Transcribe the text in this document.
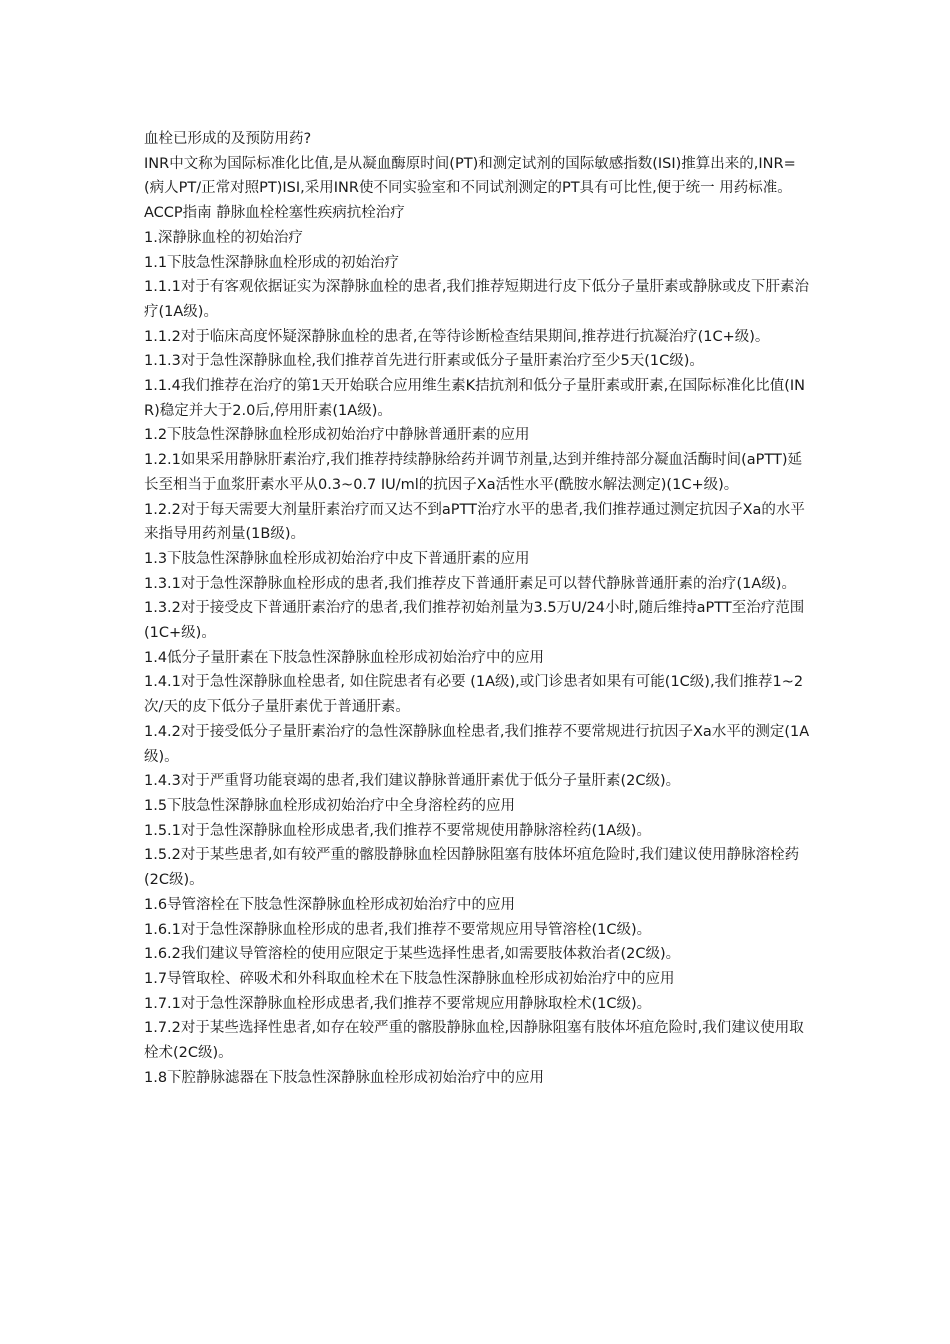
血栓已形成的及预防用药?

INR中文称为国际标准化比值,是从凝血酶原时间(PT)和测定试剂的国际敏感指数(ISI)推算出来的,INR=(病人PT/正常对照PT)ISI,采用INR使不同实验室和不同试剂测定的PT具有可比性,便于统一 用药标准。

ACCP指南 静脉血栓栓塞性疾病抗栓治疗

1.深静脉血栓的初始治疗

1.1下肢急性深静脉血栓形成的初始治疗

1.1.1对于有客观依据证实为深静脉血栓的患者,我们推荐短期进行皮下低分子量肝素或静脉或皮下肝素治疗(1A级)。

1.1.2对于临床高度怀疑深静脉血栓的患者,在等待诊断检查结果期间,推荐进行抗凝治疗(1C+级)。

1.1.3对于急性深静脉血栓,我们推荐首先进行肝素或低分子量肝素治疗至少5天(1C级)。

1.1.4我们推荐在治疗的第1天开始联合应用维生素K拮抗剂和低分子量肝素或肝素,在国际标准化比值(INR)稳定并大于2.0后,停用肝素(1A级)。

1.2下肢急性深静脉血栓形成初始治疗中静脉普通肝素的应用

1.2.1如果采用静脉肝素治疗,我们推荐持续静脉给药并调节剂量,达到并维持部分凝血活酶时间(aPTT)延长至相当于血浆肝素水平从0.3~0.7 IU/ml的抗因子Ⅹa活性水平(酰胺水解法测定)(1C+级)。

1.2.2对于每天需要大剂量肝素治疗而又达不到aPTT治疗水平的患者,我们推荐通过测定抗因子Ⅹa的水平来指导用药剂量(1B级)。

1.3下肢急性深静脉血栓形成初始治疗中皮下普通肝素的应用

1.3.1对于急性深静脉血栓形成的患者,我们推荐皮下普通肝素足可以替代静脉普通肝素的治疗(1A级)。

1.3.2对于接受皮下普通肝素治疗的患者,我们推荐初始剂量为3.5万U/24小时,随后维持aPTT至治疗范围(1C+级)。

1.4低分子量肝素在下肢急性深静脉血栓形成初始治疗中的应用

1.4.1对于急性深静脉血栓患者, 如住院患者有必要 (1A级),或门诊患者如果有可能(1C级),我们推荐1~2次/天的皮下低分子量肝素优于普通肝素。

1.4.2对于接受低分子量肝素治疗的急性深静脉血栓患者,我们推荐不要常规进行抗因子Ⅹa水平的测定(1A级)。

1.4.3对于严重肾功能衰竭的患者,我们建议静脉普通肝素优于低分子量肝素(2C级)。

1.5下肢急性深静脉血栓形成初始治疗中全身溶栓药的应用

1.5.1对于急性深静脉血栓形成患者,我们推荐不要常规使用静脉溶栓药(1A级)。

1.5.2对于某些患者,如有较严重的髂股静脉血栓因静脉阻塞有肢体坏疽危险时,我们建议使用静脉溶栓药(2C级)。

1.6导管溶栓在下肢急性深静脉血栓形成初始治疗中的应用

1.6.1对于急性深静脉血栓形成的患者,我们推荐不要常规应用导管溶栓(1C级)。

1.6.2我们建议导管溶栓的使用应限定于某些选择性患者,如需要肢体救治者(2C级)。

1.7导管取栓、碎吸术和外科取血栓术在下肢急性深静脉血栓形成初始治疗中的应用

1.7.1对于急性深静脉血栓形成患者,我们推荐不要常规应用静脉取栓术(1C级)。

1.7.2对于某些选择性患者,如存在较严重的髂股静脉血栓,因静脉阻塞有肢体坏疽危险时,我们建议使用取栓术(2C级)。

1.8下腔静脉滤器在下肢急性深静脉血栓形成初始治疗中的应用
